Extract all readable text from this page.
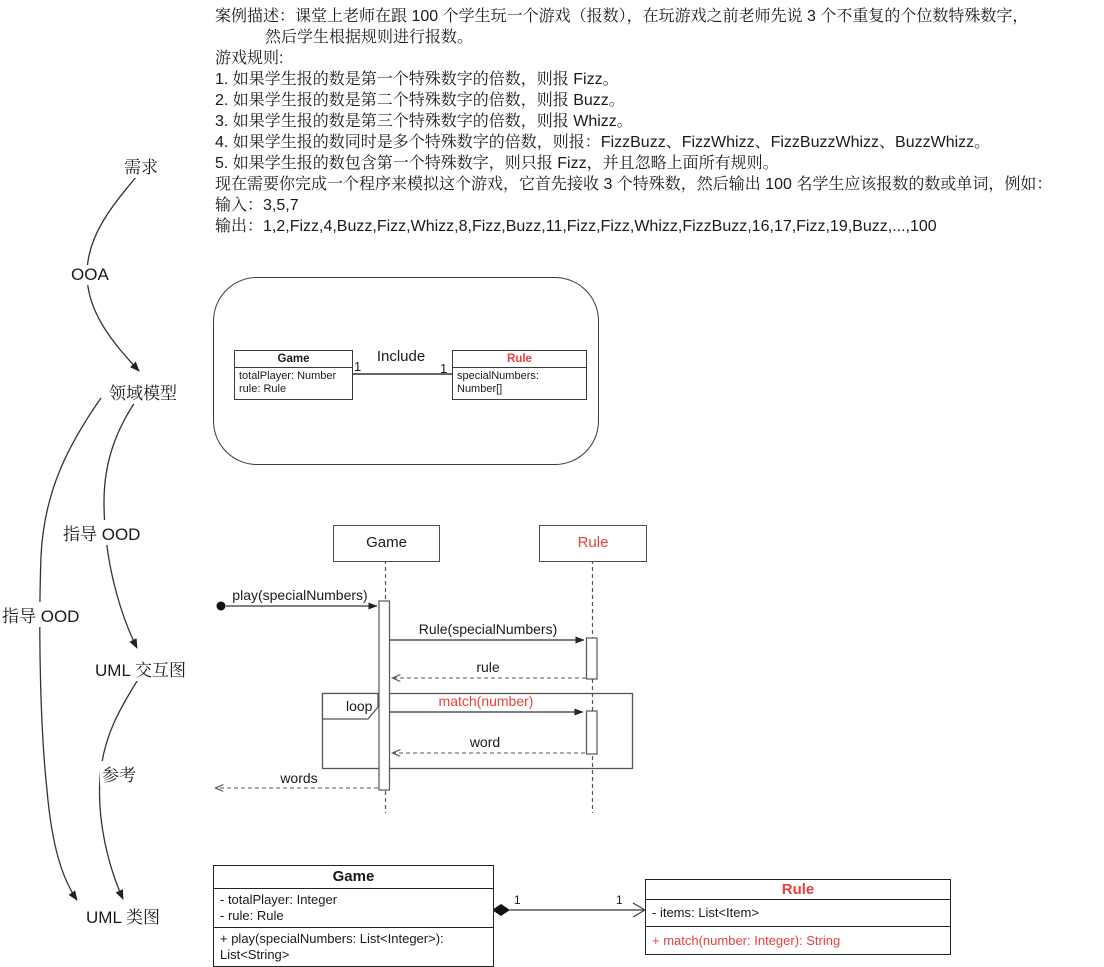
案例描述：课堂上老师在跟 100 个学生玩一个游戏（报数），在玩游戏之前老师先说 3 个不重复的个位数特殊数字，
然后学生根据规则进行报数。
游戏规则:
1. 如果学生报的数是第一个特殊数字的倍数，则报 Fizz。
2. 如果学生报的数是第二个特殊数字的倍数，则报 Buzz。
3. 如果学生报的数是第三个特殊数字的倍数，则报 Whizz。
4. 如果学生报的数同时是多个特殊数字的倍数，则报：FizzBuzz、FizzWhizz、FizzBuzzWhizz、BuzzWhizz。
5. 如果学生报的数包含第一个特殊数字，则只报 Fizz，并且忽略上面所有规则。
现在需要你完成一个程序来模拟这个游戏，它首先接收 3 个特殊数，然后输出 100 名学生应该报数的数或单词，例如：
输入：3,5,7
输出：1,2,Fizz,4,Buzz,Fizz,Whizz,8,Fizz,Buzz,11,Fizz,Fizz,Whizz,FizzBuzz,16,17,Fizz,19,Buzz,...,100
需求
OOA
领域模型
指导 OOD
指导 OOD
UML 交互图
参考
UML 类图
Game
totalPlayer: Number
rule: Rule
1
Include
1
Rule
specialNumbers: Number[]
Game	Rule
play(specialNumbers)
Rule(specialNumbers)
rule
loop	match(number)
word
words
Game
- totalPlayer: Integer
- rule: Rule
+ play(specialNumbers: List<Integer>): List<String>
1	1
Rule
- items: List<Item>
+ match(number: Integer): String
